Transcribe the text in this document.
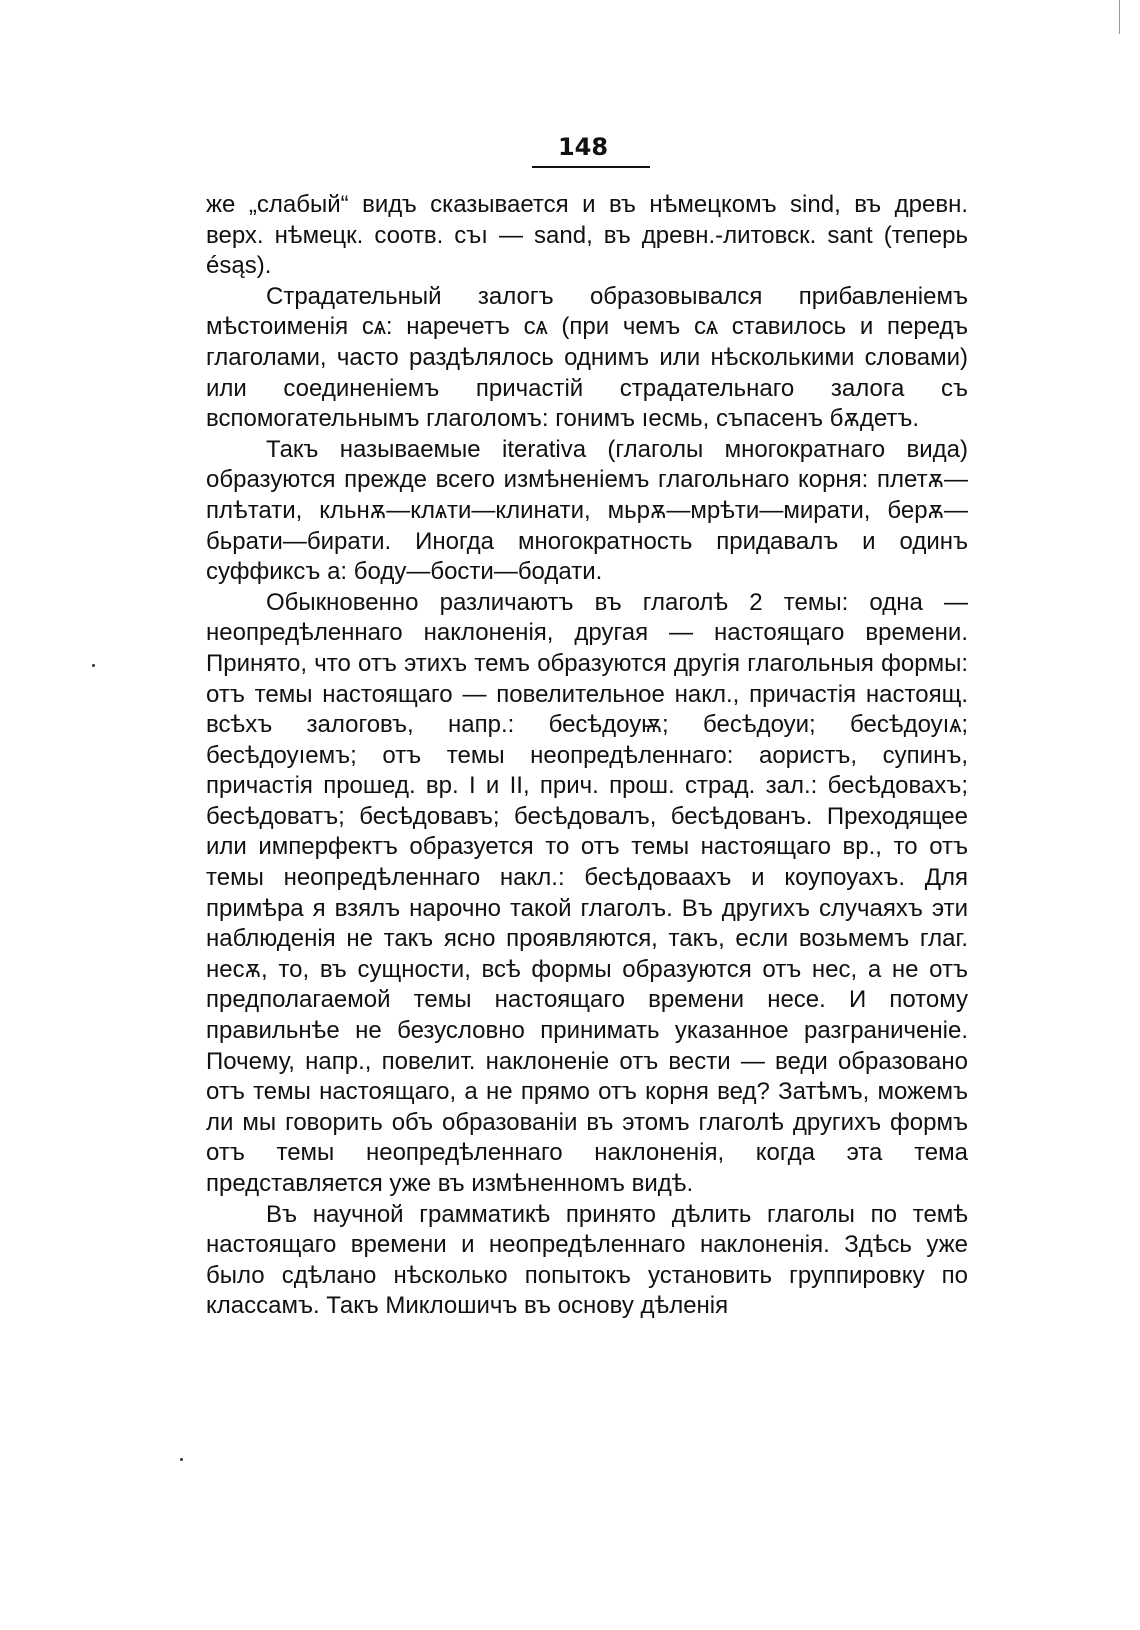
148

же „слабый“ видъ сказывается и въ нѣмецкомъ sind, въ древн. верх. нѣмецк. соотв. съı — sand, въ древн.-литовск. sant (теперь ésąs).

Страдательный залогъ образовывался прибавленіемъ мѣстоименія сѧ: наречетъ сѧ (при чемъ сѧ ставилось и передъ глаголами, часто раздѣлялось однимъ или нѣсколькими словами) или соединеніемъ причастій страдательнаго залога съ вспомогательнымъ глаголомъ: гонимъ ıесмь, съпасенъ бѫдетъ.

Такъ называемые iterativa (глаголы многократнаго вида) образуются прежде всего измѣненіемъ глагольнаго корня: плетѫ—плѣтати, кльнѫ—клѧти—клинати, мьрѫ—мрѣти—мирати, берѫ—бьрати—бирати. Иногда многократность придавалъ и одинъ суффиксъ а: боду—бости—бодати.

Обыкновенно различаютъ въ глаголѣ 2 темы: одна — неопредѣленнаго наклоненія, другая — настоящаго времени. Принято, что отъ этихъ темъ образуются другія глагольныя формы: отъ темы настоящаго — повелительное накл., причастія настоящ. всѣхъ залоговъ, напр.: бесѣдоуѭ; бесѣдоуи; бесѣдоуıѧ; бесѣдоуıемъ; отъ темы неопредѣленнаго: аористъ, супинъ, причастія прошед. вр. I и II, прич. прош. страд. зал.: бесѣдовахъ; бесѣдоватъ; бесѣдовавъ; бесѣдовалъ, бесѣдованъ. Преходящее или имперфектъ образуется то отъ темы настоящаго вр., то отъ темы неопредѣленнаго накл.: бесѣдоваахъ и коупоуахъ. Для примѣра я взялъ нарочно такой глаголъ. Въ другихъ случаяхъ эти наблюденія не такъ ясно проявляются, такъ, если возьмемъ глаг. несѫ, то, въ сущности, всѣ формы образуются отъ нес, а не отъ предполагаемой темы настоящаго времени несе. И потому правильнѣе не безусловно принимать указанное разграниченіе. Почему, напр., повелит. наклоненіе отъ вести — веди образовано отъ темы настоящаго, а не прямо отъ корня вед? Затѣмъ, можемъ ли мы говорить объ образованіи въ этомъ глаголѣ другихъ формъ отъ темы неопредѣленнаго наклоненія, когда эта тема представляется уже въ измѣненномъ видѣ.

Въ научной грамматикѣ принято дѣлить глаголы по темѣ настоящаго времени и неопредѣленнаго наклоненія. Здѣсь уже было сдѣлано нѣсколько попытокъ установить группировку по классамъ. Такъ Миклошичъ въ основу дѣленія
